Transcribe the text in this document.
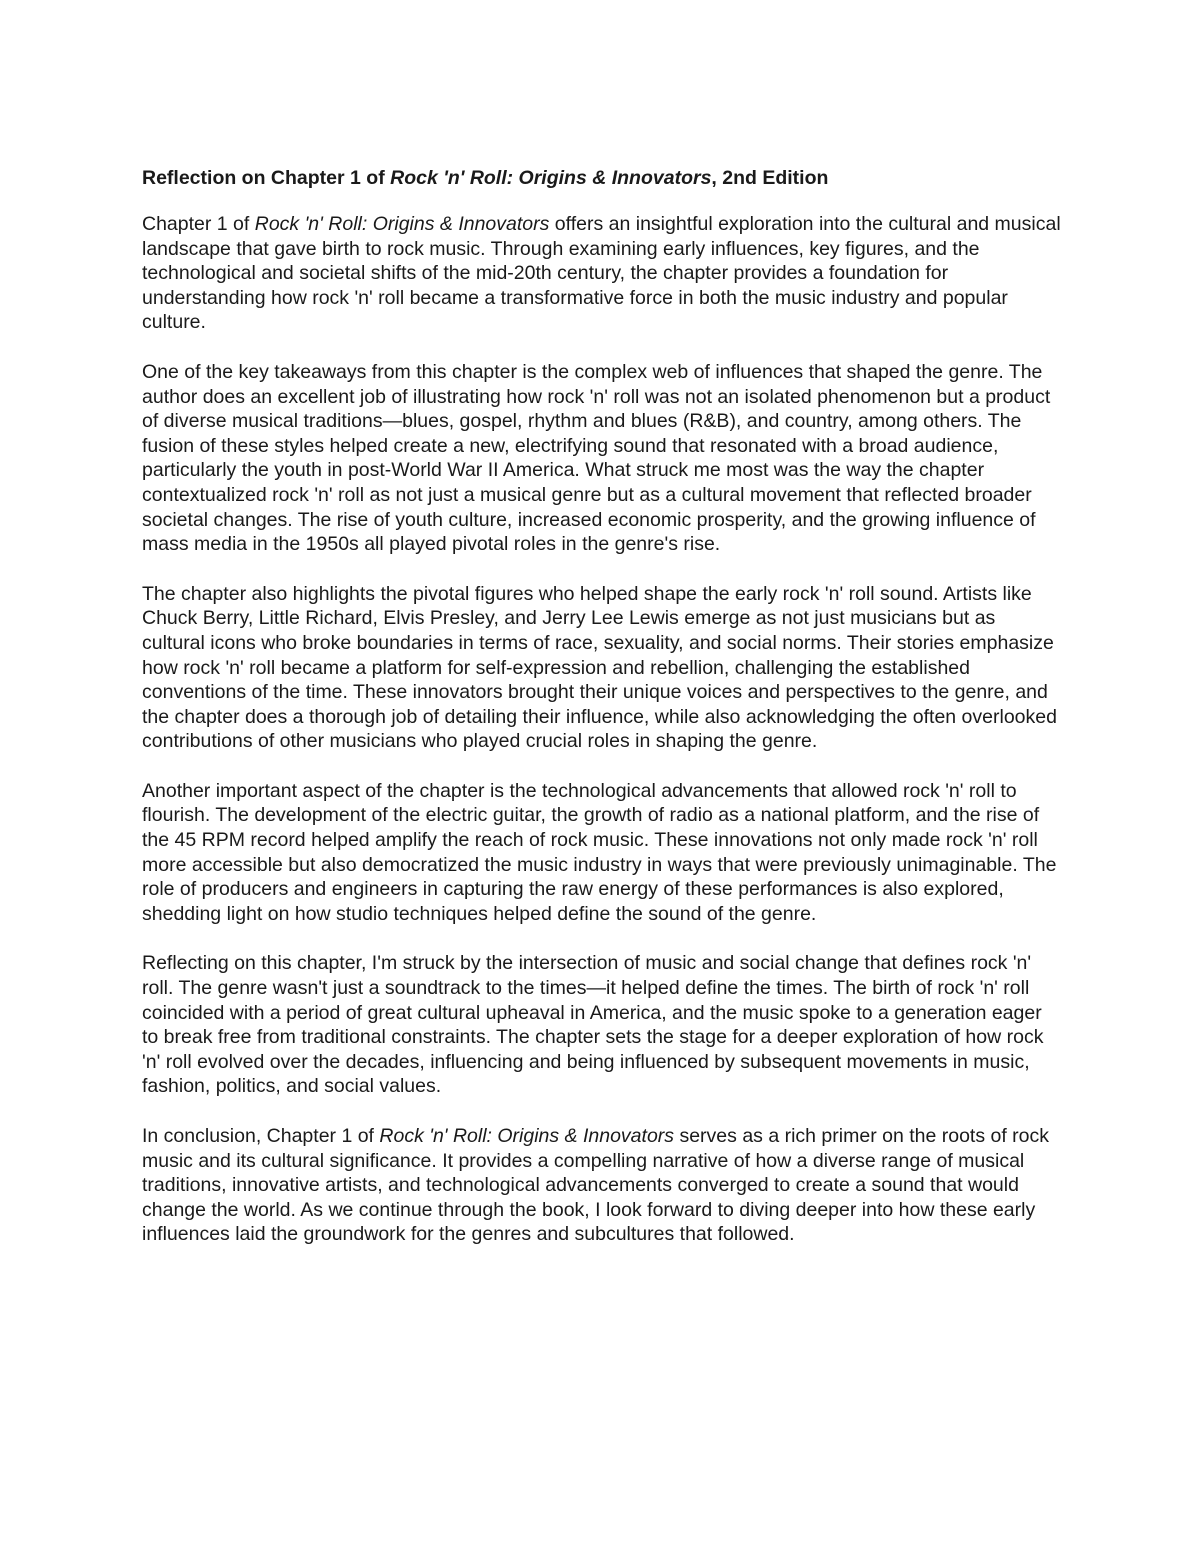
Reflection on Chapter 1 of Rock 'n' Roll: Origins & Innovators, 2nd Edition

Chapter 1 of Rock 'n' Roll: Origins & Innovators offers an insightful exploration into the cultural and musical landscape that gave birth to rock music. Through examining early influences, key figures, and the technological and societal shifts of the mid-20th century, the chapter provides a foundation for understanding how rock 'n' roll became a transformative force in both the music industry and popular culture.

One of the key takeaways from this chapter is the complex web of influences that shaped the genre. The author does an excellent job of illustrating how rock 'n' roll was not an isolated phenomenon but a product of diverse musical traditions—blues, gospel, rhythm and blues (R&B), and country, among others. The fusion of these styles helped create a new, electrifying sound that resonated with a broad audience, particularly the youth in post-World War II America. What struck me most was the way the chapter contextualized rock 'n' roll as not just a musical genre but as a cultural movement that reflected broader societal changes. The rise of youth culture, increased economic prosperity, and the growing influence of mass media in the 1950s all played pivotal roles in the genre's rise.

The chapter also highlights the pivotal figures who helped shape the early rock 'n' roll sound. Artists like Chuck Berry, Little Richard, Elvis Presley, and Jerry Lee Lewis emerge as not just musicians but as cultural icons who broke boundaries in terms of race, sexuality, and social norms. Their stories emphasize how rock 'n' roll became a platform for self-expression and rebellion, challenging the established conventions of the time. These innovators brought their unique voices and perspectives to the genre, and the chapter does a thorough job of detailing their influence, while also acknowledging the often overlooked contributions of other musicians who played crucial roles in shaping the genre.

Another important aspect of the chapter is the technological advancements that allowed rock 'n' roll to flourish. The development of the electric guitar, the growth of radio as a national platform, and the rise of the 45 RPM record helped amplify the reach of rock music. These innovations not only made rock 'n' roll more accessible but also democratized the music industry in ways that were previously unimaginable. The role of producers and engineers in capturing the raw energy of these performances is also explored, shedding light on how studio techniques helped define the sound of the genre.

Reflecting on this chapter, I'm struck by the intersection of music and social change that defines rock 'n' roll. The genre wasn't just a soundtrack to the times—it helped define the times. The birth of rock 'n' roll coincided with a period of great cultural upheaval in America, and the music spoke to a generation eager to break free from traditional constraints. The chapter sets the stage for a deeper exploration of how rock 'n' roll evolved over the decades, influencing and being influenced by subsequent movements in music, fashion, politics, and social values.

In conclusion, Chapter 1 of Rock 'n' Roll: Origins & Innovators serves as a rich primer on the roots of rock music and its cultural significance. It provides a compelling narrative of how a diverse range of musical traditions, innovative artists, and technological advancements converged to create a sound that would change the world. As we continue through the book, I look forward to diving deeper into how these early influences laid the groundwork for the genres and subcultures that followed.
